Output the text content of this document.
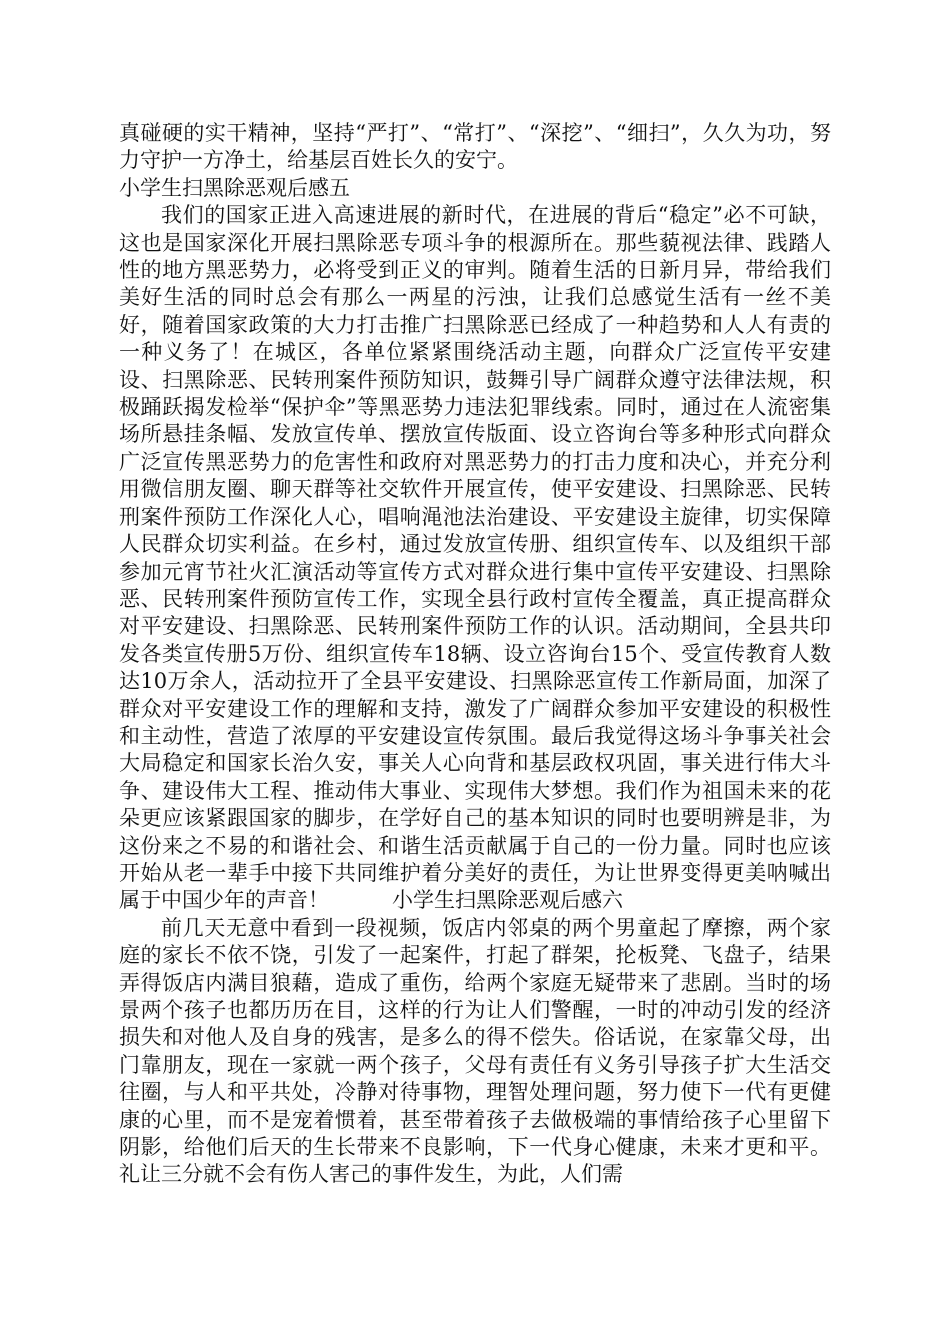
真碰硬的实干精神，坚持“严打”、“常打”、“深挖”、“细扫”，久久为功，努力守护一方净土，给基层百姓长久的安宁。

小学生扫黑除恶观后感五

我们的国家正进入高速进展的新时代，在进展的背后“稳定”必不可缺，这也是国家深化开展扫黑除恶专项斗争的根源所在。那些藐视法律、践踏人性的地方黑恶势力，必将受到正义的审判。随着生活的日新月异，带给我们美好生活的同时总会有那么一两星的污浊，让我们总感觉生活有一丝不美好，随着国家政策的大力打击推广扫黑除恶已经成了一种趋势和人人有责的一种义务了！在城区，各单位紧紧围绕活动主题，向群众广泛宣传平安建设、扫黑除恶、民转刑案件预防知识，鼓舞引导广阔群众遵守法律法规，积极踊跃揭发检举“保护伞”等黑恶势力违法犯罪线索。同时，通过在人流密集场所悬挂条幅、发放宣传单、摆放宣传版面、设立咨询台等多种形式向群众广泛宣传黑恶势力的危害性和政府对黑恶势力的打击力度和决心，并充分利用微信朋友圈、聊天群等社交软件开展宣传，使平安建设、扫黑除恶、民转刑案件预防工作深化人心，唱响渑池法治建设、平安建设主旋律，切实保障人民群众切实利益。在乡村，通过发放宣传册、组织宣传车、以及组织干部参加元宵节社火汇演活动等宣传方式对群众进行集中宣传平安建设、扫黑除恶、民转刑案件预防宣传工作，实现全县行政村宣传全覆盖，真正提高群众对平安建设、扫黑除恶、民转刑案件预防工作的认识。活动期间，全县共印发各类宣传册5万份、组织宣传车18辆、设立咨询台15个、受宣传教育人数达10万余人，活动拉开了全县平安建设、扫黑除恶宣传工作新局面，加深了群众对平安建设工作的理解和支持，激发了广阔群众参加平安建设的积极性和主动性，营造了浓厚的平安建设宣传氛围。最后我觉得这场斗争事关社会大局稳定和国家长治久安，事关人心向背和基层政权巩固，事关进行伟大斗争、建设伟大工程、推动伟大事业、实现伟大梦想。我们作为祖国未来的花朵更应该紧跟国家的脚步，在学好自己的基本知识的同时也要明辨是非，为这份来之不易的和谐社会、和谐生活贡献属于自己的一份力量。同时也应该开始从老一辈手中接下共同维护着分美好的责任，为让世界变得更美呐喊出属于中国少年的声音！　　　	小学生扫黑除恶观后感六

前几天无意中看到一段视频，饭店内邻桌的两个男童起了摩擦，两个家庭的家长不依不饶，引发了一起案件，打起了群架，抡板凳、飞盘子，结果弄得饭店内满目狼藉，造成了重伤，给两个家庭无疑带来了悲剧。当时的场景两个孩子也都历历在目，这样的行为让人们警醒，一时的冲动引发的经济损失和对他人及自身的残害，是多么的得不偿失。俗话说，在家靠父母，出门靠朋友，现在一家就一两个孩子，父母有责任有义务引导孩子扩大生活交往圈，与人和平共处，冷静对待事物，理智处理问题，努力使下一代有更健康的心里，而不是宠着惯着，甚至带着孩子去做极端的事情给孩子心里留下阴影，给他们后天的生长带来不良影响，下一代身心健康，未来才更和平。礼让三分就不会有伤人害己的事件发生，为此，人们需
